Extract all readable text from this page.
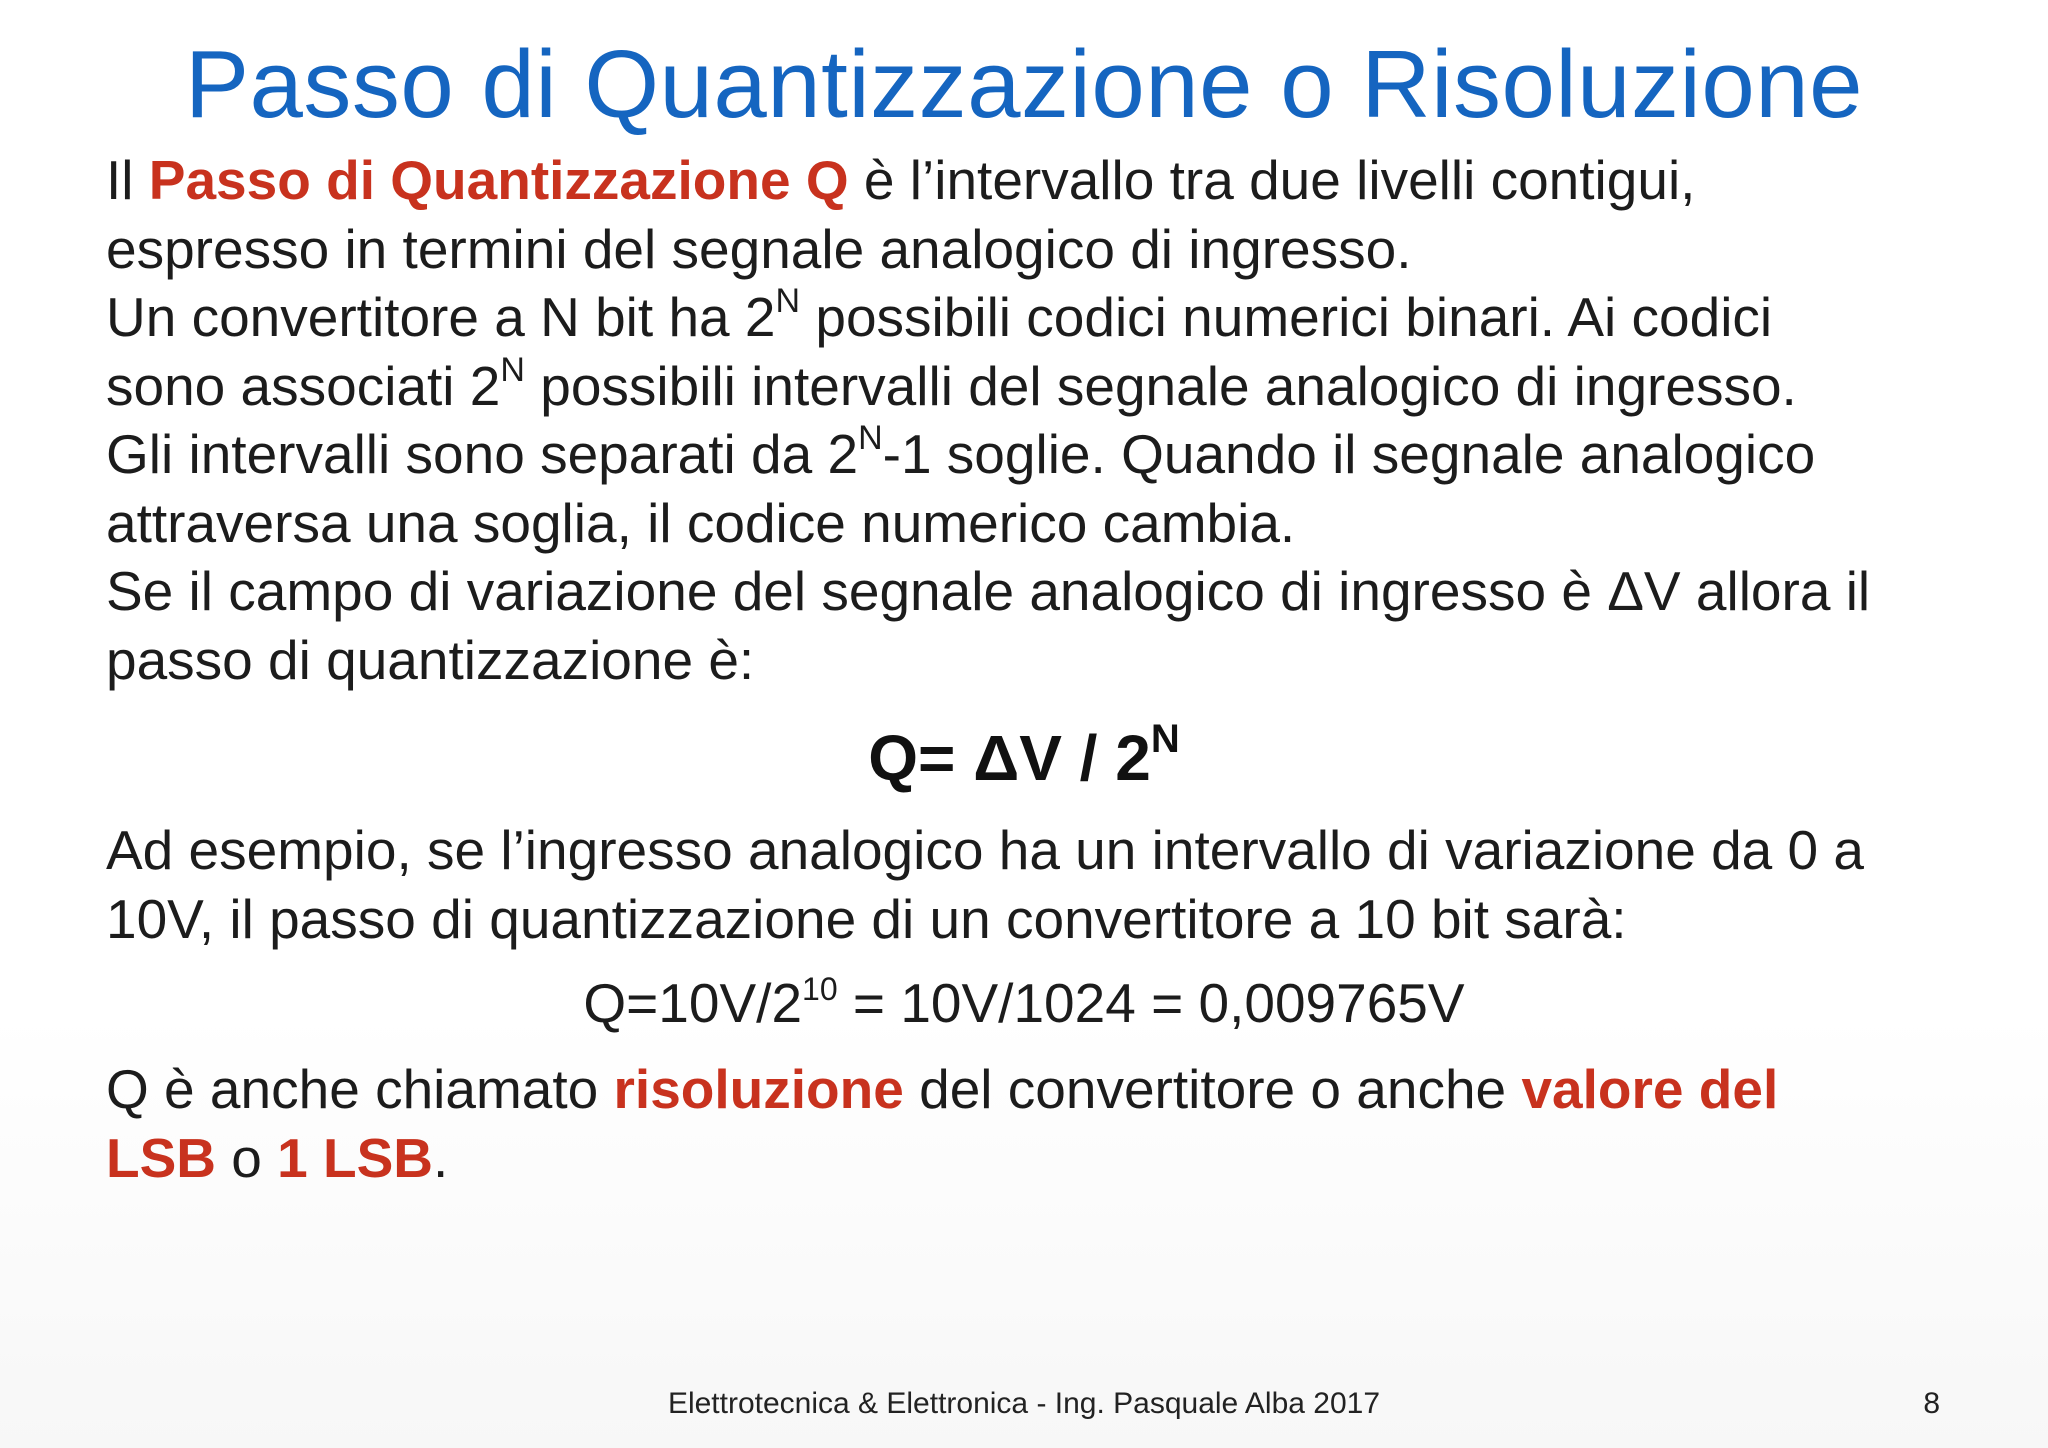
Passo di Quantizzazione o Risoluzione
Il Passo di Quantizzazione Q è l’intervallo tra due livelli contigui,
espresso in termini del segnale analogico di ingresso.
Un convertitore a N bit ha $2^N$ possibili codici numerici binari. Ai codici
sono associati $2^N$ possibili intervalli del segnale analogico di ingresso.
Gli intervalli sono separati da $2^N-1$ soglie. Quando il segnale analogico
attraversa una soglia, il codice numerico cambia.
Se il campo di variazione del segnale analogico di ingresso è ΔV allora il
passo di quantizzazione è:
$Q= \Delta V / 2^N$
Ad esempio, se l’ingresso analogico ha un intervallo di variazione da 0 a
10V, il passo di quantizzazione di un convertitore a 10 bit sarà:
$Q=10V/2^{10} = 10V/1024 = 0,009765V$
Q è anche chiamato risoluzione del convertitore o anche valore del
LSB o 1 LSB.
Elettrotecnica & Elettronica - Ing. Pasquale Alba 2017	8
